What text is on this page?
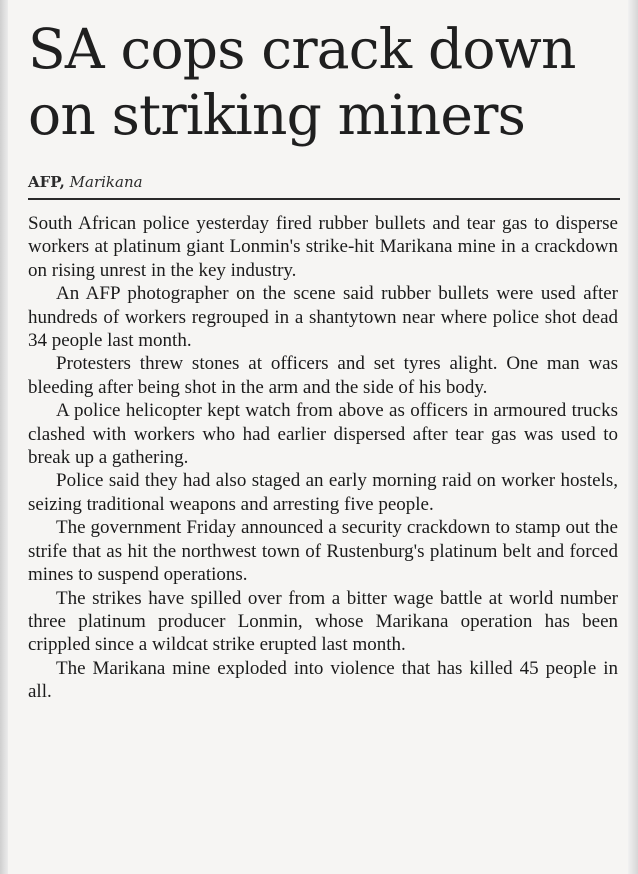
SA cops crack down on striking miners
AFP, Marikana

South African police yesterday fired rubber bullets and tear gas to disperse workers at platinum giant Lonmin's strike-hit Marikana mine in a crackdown on rising unrest in the key industry.

An AFP photographer on the scene said rubber bullets were used after hundreds of workers regrouped in a shantytown near where police shot dead 34 people last month.

Protesters threw stones at officers and set tyres alight. One man was bleeding after being shot in the arm and the side of his body.

A police helicopter kept watch from above as officers in armoured trucks clashed with workers who had earlier dispersed after tear gas was used to break up a gathering.

Police said they had also staged an early morning raid on worker hostels, seizing traditional weapons and arresting five people.

The government Friday announced a security crackdown to stamp out the strife that as hit the northwest town of Rustenburg's platinum belt and forced mines to suspend operations.

The strikes have spilled over from a bitter wage battle at world number three platinum producer Lonmin, whose Marikana operation has been crippled since a wildcat strike erupted last month.

The Marikana mine exploded into violence that has killed 45 people in all.
